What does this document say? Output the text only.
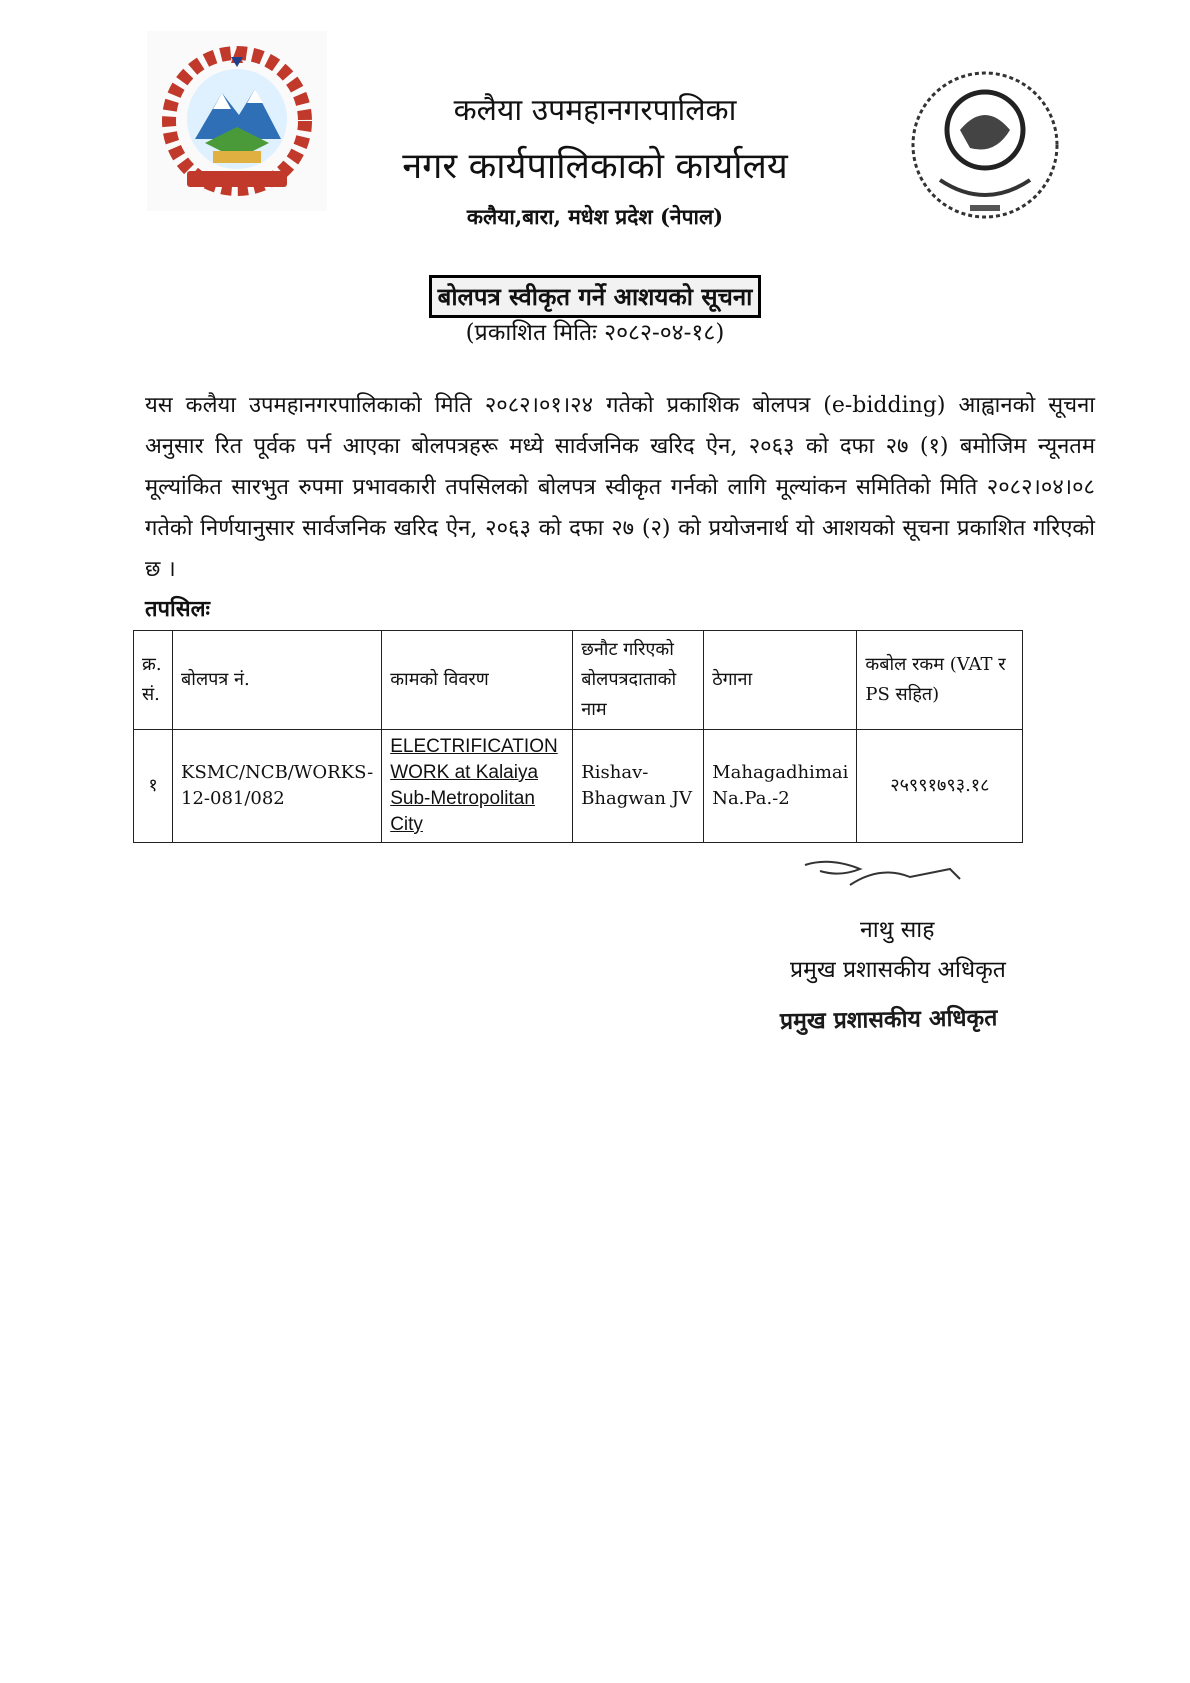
कलैया उपमहानगरपालिका
नगर कार्यपालिकाको कार्यालय
कलैया,बारा, मधेश प्रदेश (नेपाल)
बोलपत्र स्वीकृत गर्ने आशयको सूचना
(प्रकाशित मितिः २०८२-०४-१८)
यस कलैया उपमहानगरपालिकाको मिति २०८२।०१।२४ गतेको प्रकाशिक बोलपत्र (e-bidding) आह्वानको सूचना अनुसार रित पूर्वक पर्न आएका बोलपत्रहरू मध्ये सार्वजनिक खरिद ऐन, २०६३ को दफा २७ (१) बमोजिम न्यूनतम मूल्यांकित सारभुत रुपमा प्रभावकारी तपसिलको बोलपत्र स्वीकृत गर्नको लागि मूल्यांकन समितिको मिति २०८२।०४।०८ गतेको निर्णयानुसार सार्वजनिक खरिद ऐन, २०६३ को दफा २७ (२) को प्रयोजनार्थ यो आशयको सूचना प्रकाशित गरिएको छ ।
तपसिलः
क्र. सं.	बोलपत्र नं.	कामको विवरण	छनौट गरिएको बोलपत्रदाताको नाम	ठेगाना	कबोल रकम (VAT र PS सहित)
१	KSMC/NCB/WORKS-12-081/082	ELECTRIFICATION WORK at Kalaiya Sub-Metropolitan City	Rishav-Bhagwan JV	Mahagadhimai Na.Pa.-2	२५९९१७९३.१८
नाथु साह
प्रमुख प्रशासकीय अधिकृत
प्रमुख प्रशासकीय अधिकृत
